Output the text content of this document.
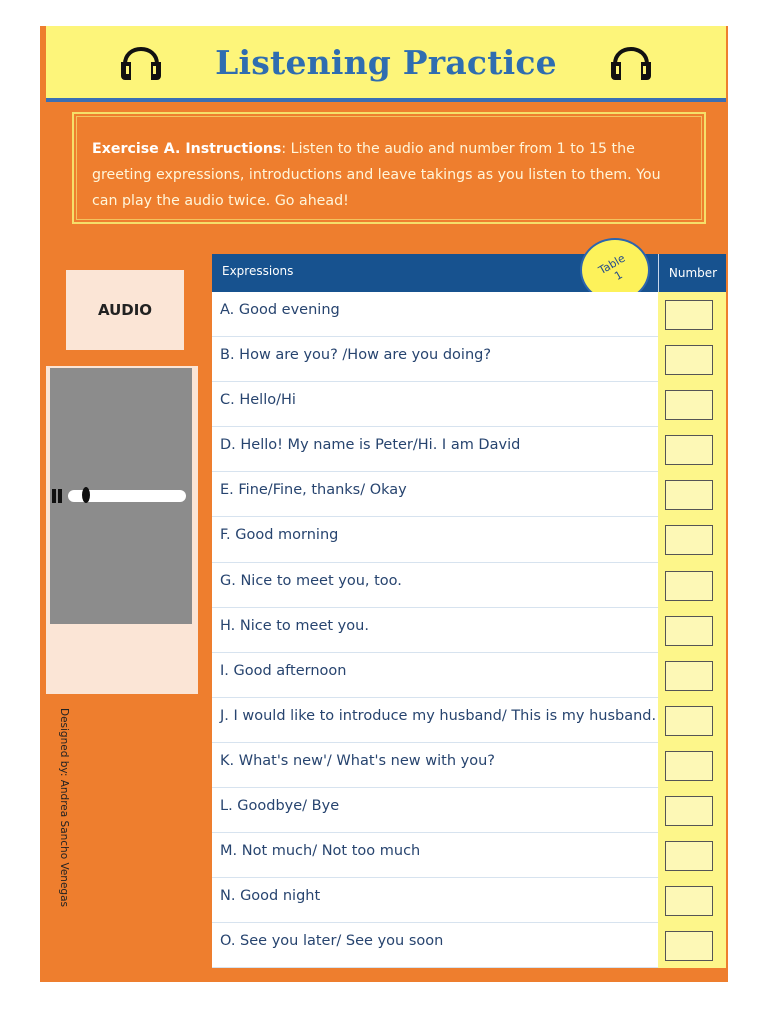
Listening Practice
Exercise A. Instructions: Listen to the audio and number from 1 to 15 the greeting expressions, introductions and leave takings as you listen to them. You can play the audio twice. Go ahead!
AUDIO
Designed by: Andrea Sancho Venegas
Expressions	Number
Table
1
A. Good evening
B. How are you? /How are you doing?
C. Hello/Hi
D. Hello! My name is Peter/Hi. I am David
E. Fine/Fine, thanks/ Okay
F. Good morning
G. Nice to meet you, too.
H. Nice to meet you.
I. Good afternoon
J. I would like to introduce my husband/ This is my husband.
K. What's new'/ What's new with you?
L. Goodbye/ Bye
M. Not much/ Not too much
N. Good night
O. See you later/ See you soon
